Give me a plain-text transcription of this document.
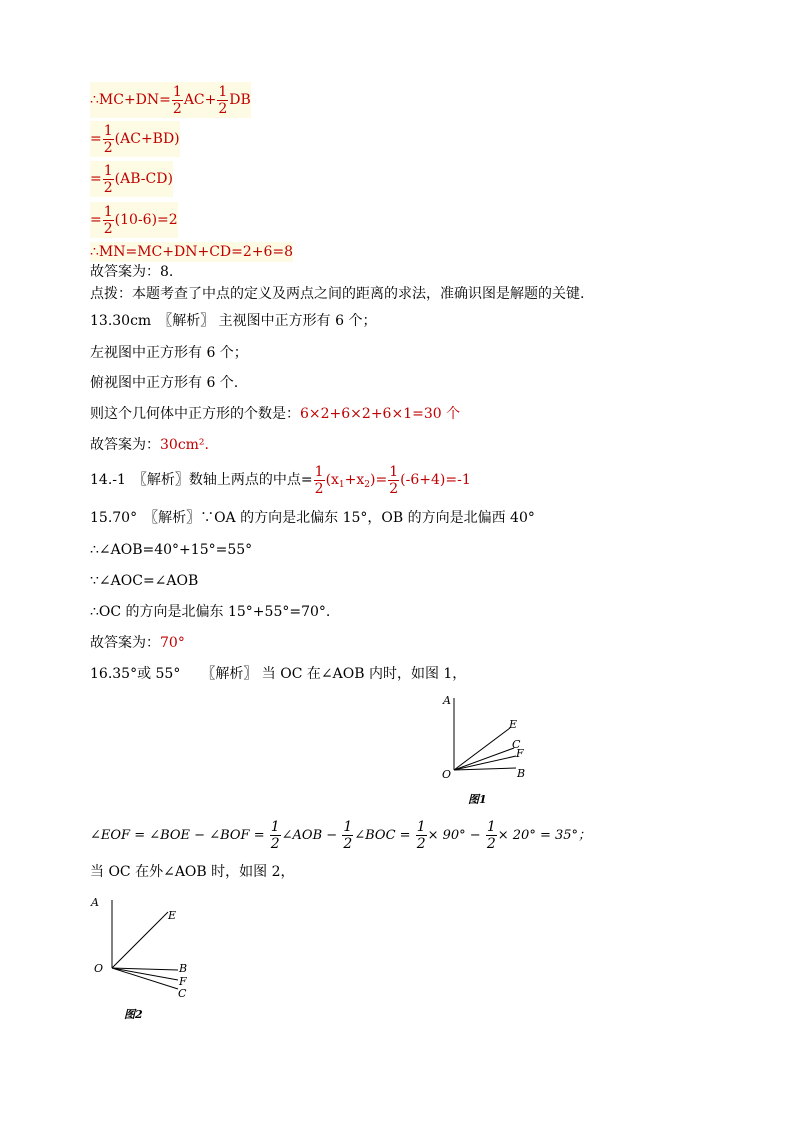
∴MC+DN= $\frac{1}{2} AC+ \frac{1}{2}$ DB
= $\frac{1}{2} (AC+BD)$
= $\frac{1}{2} (AB-CD)$
= $\frac{1}{2} (10-6)=2$
∴MN=MC+DN+CD=2+6=8
故答案为：8.
点拨：本题考查了中点的定义及两点之间的距离的求法，准确识图是解题的关键.
13.30cm　〖解析〗 主视图中正方形有 6 个；
左视图中正方形有 6 个；
俯视图中正方形有 6 个.
则这个几何体中正方形的个数是：6×2+6×2+6×1=30 个
故答案为：30cm².
14.-1　〖解析〗数轴上两点的中点= $\frac{1}{2} (x_1+x_2)= \frac{1}{2} (-6+4)=-1$
15.70°　〖解析〗∵OA 的方向是北偏东 15°，OB 的方向是北偏西 40°
∴∠AOB=40°+15°=55°
∵∠AOC=∠AOB
∴OC 的方向是北偏东 15°+55°=70°.
故答案为：70°
16.35°或 55°　　〖解析〗 当 OC 在∠AOB 内时，如图 1，
A
E
C
F
B
O
图1
∠EOF = ∠BOE − ∠BOF = $\frac{1}{2}$ ∠AOB − $\frac{1}{2}$ ∠BOC = $\frac{1}{2} \times 90^\circ - \frac{1}{2} \times 20^\circ = 35^\circ$；
当 OC 在外∠AOB 时，如图 2，
A
E
O	B
F
C
图2
